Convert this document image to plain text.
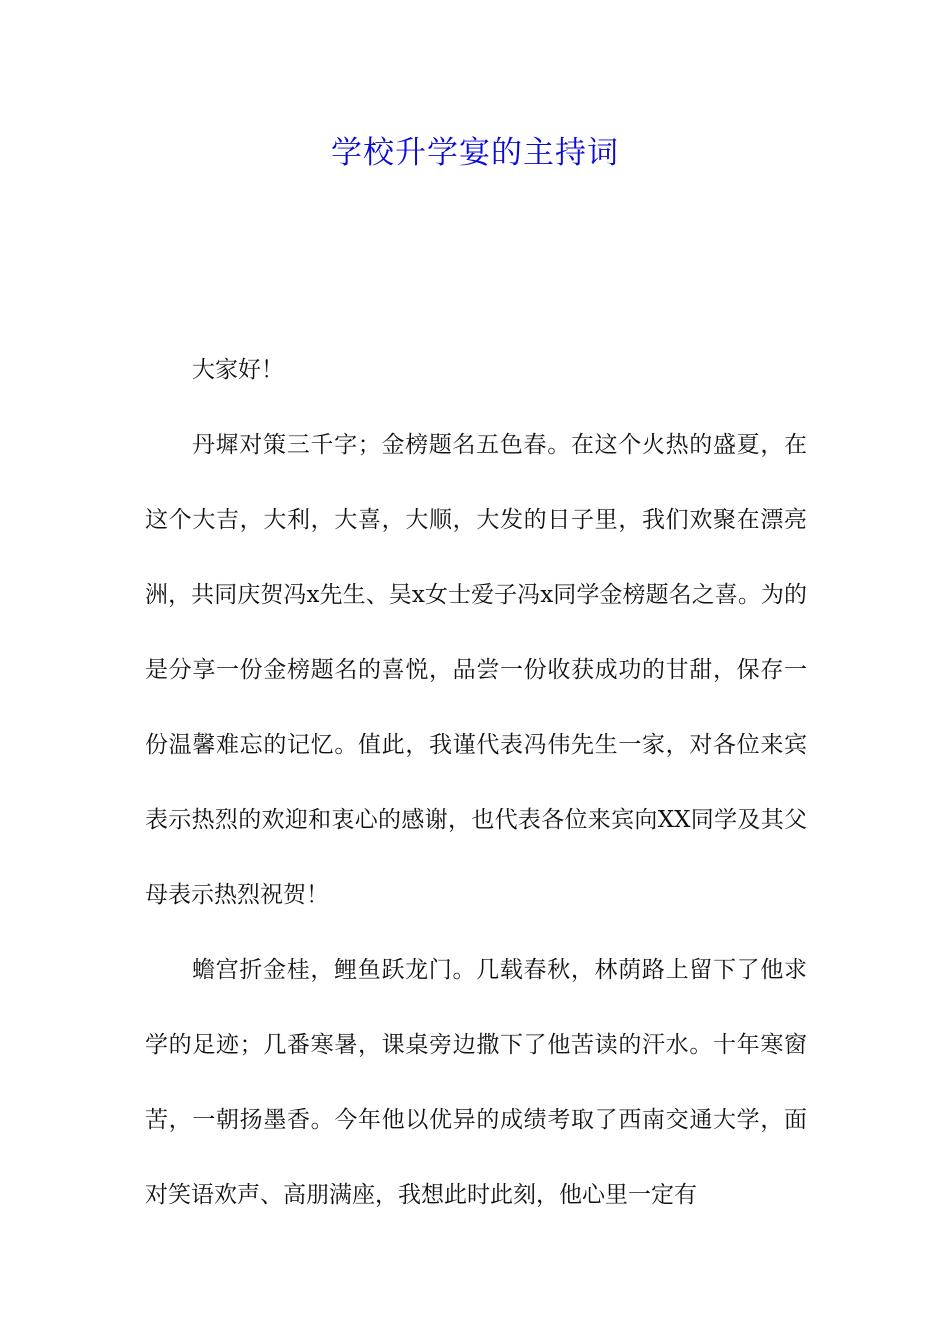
学校升学宴的主持词

大家好！

丹墀对策三千字；金榜题名五色春。在这个火热的盛夏，在这个大吉，大利，大喜，大顺，大发的日子里，我们欢聚在漂亮洲，共同庆贺冯x先生、吴x女士爱子冯x同学金榜题名之喜。为的是分享一份金榜题名的喜悦，品尝一份收获成功的甘甜，保存一份温馨难忘的记忆。值此，我谨代表冯伟先生一家，对各位来宾表示热烈的欢迎和衷心的感谢，也代表各位来宾向XX同学及其父母表示热烈祝贺！

蟾宫折金桂，鲤鱼跃龙门。几载春秋，林荫路上留下了他求学的足迹；几番寒暑，课桌旁边撒下了他苦读的汗水。十年寒窗苦，一朝扬墨香。今年他以优异的成绩考取了西南交通大学，面对笑语欢声、高朋满座，我想此时此刻，他心里一定有
